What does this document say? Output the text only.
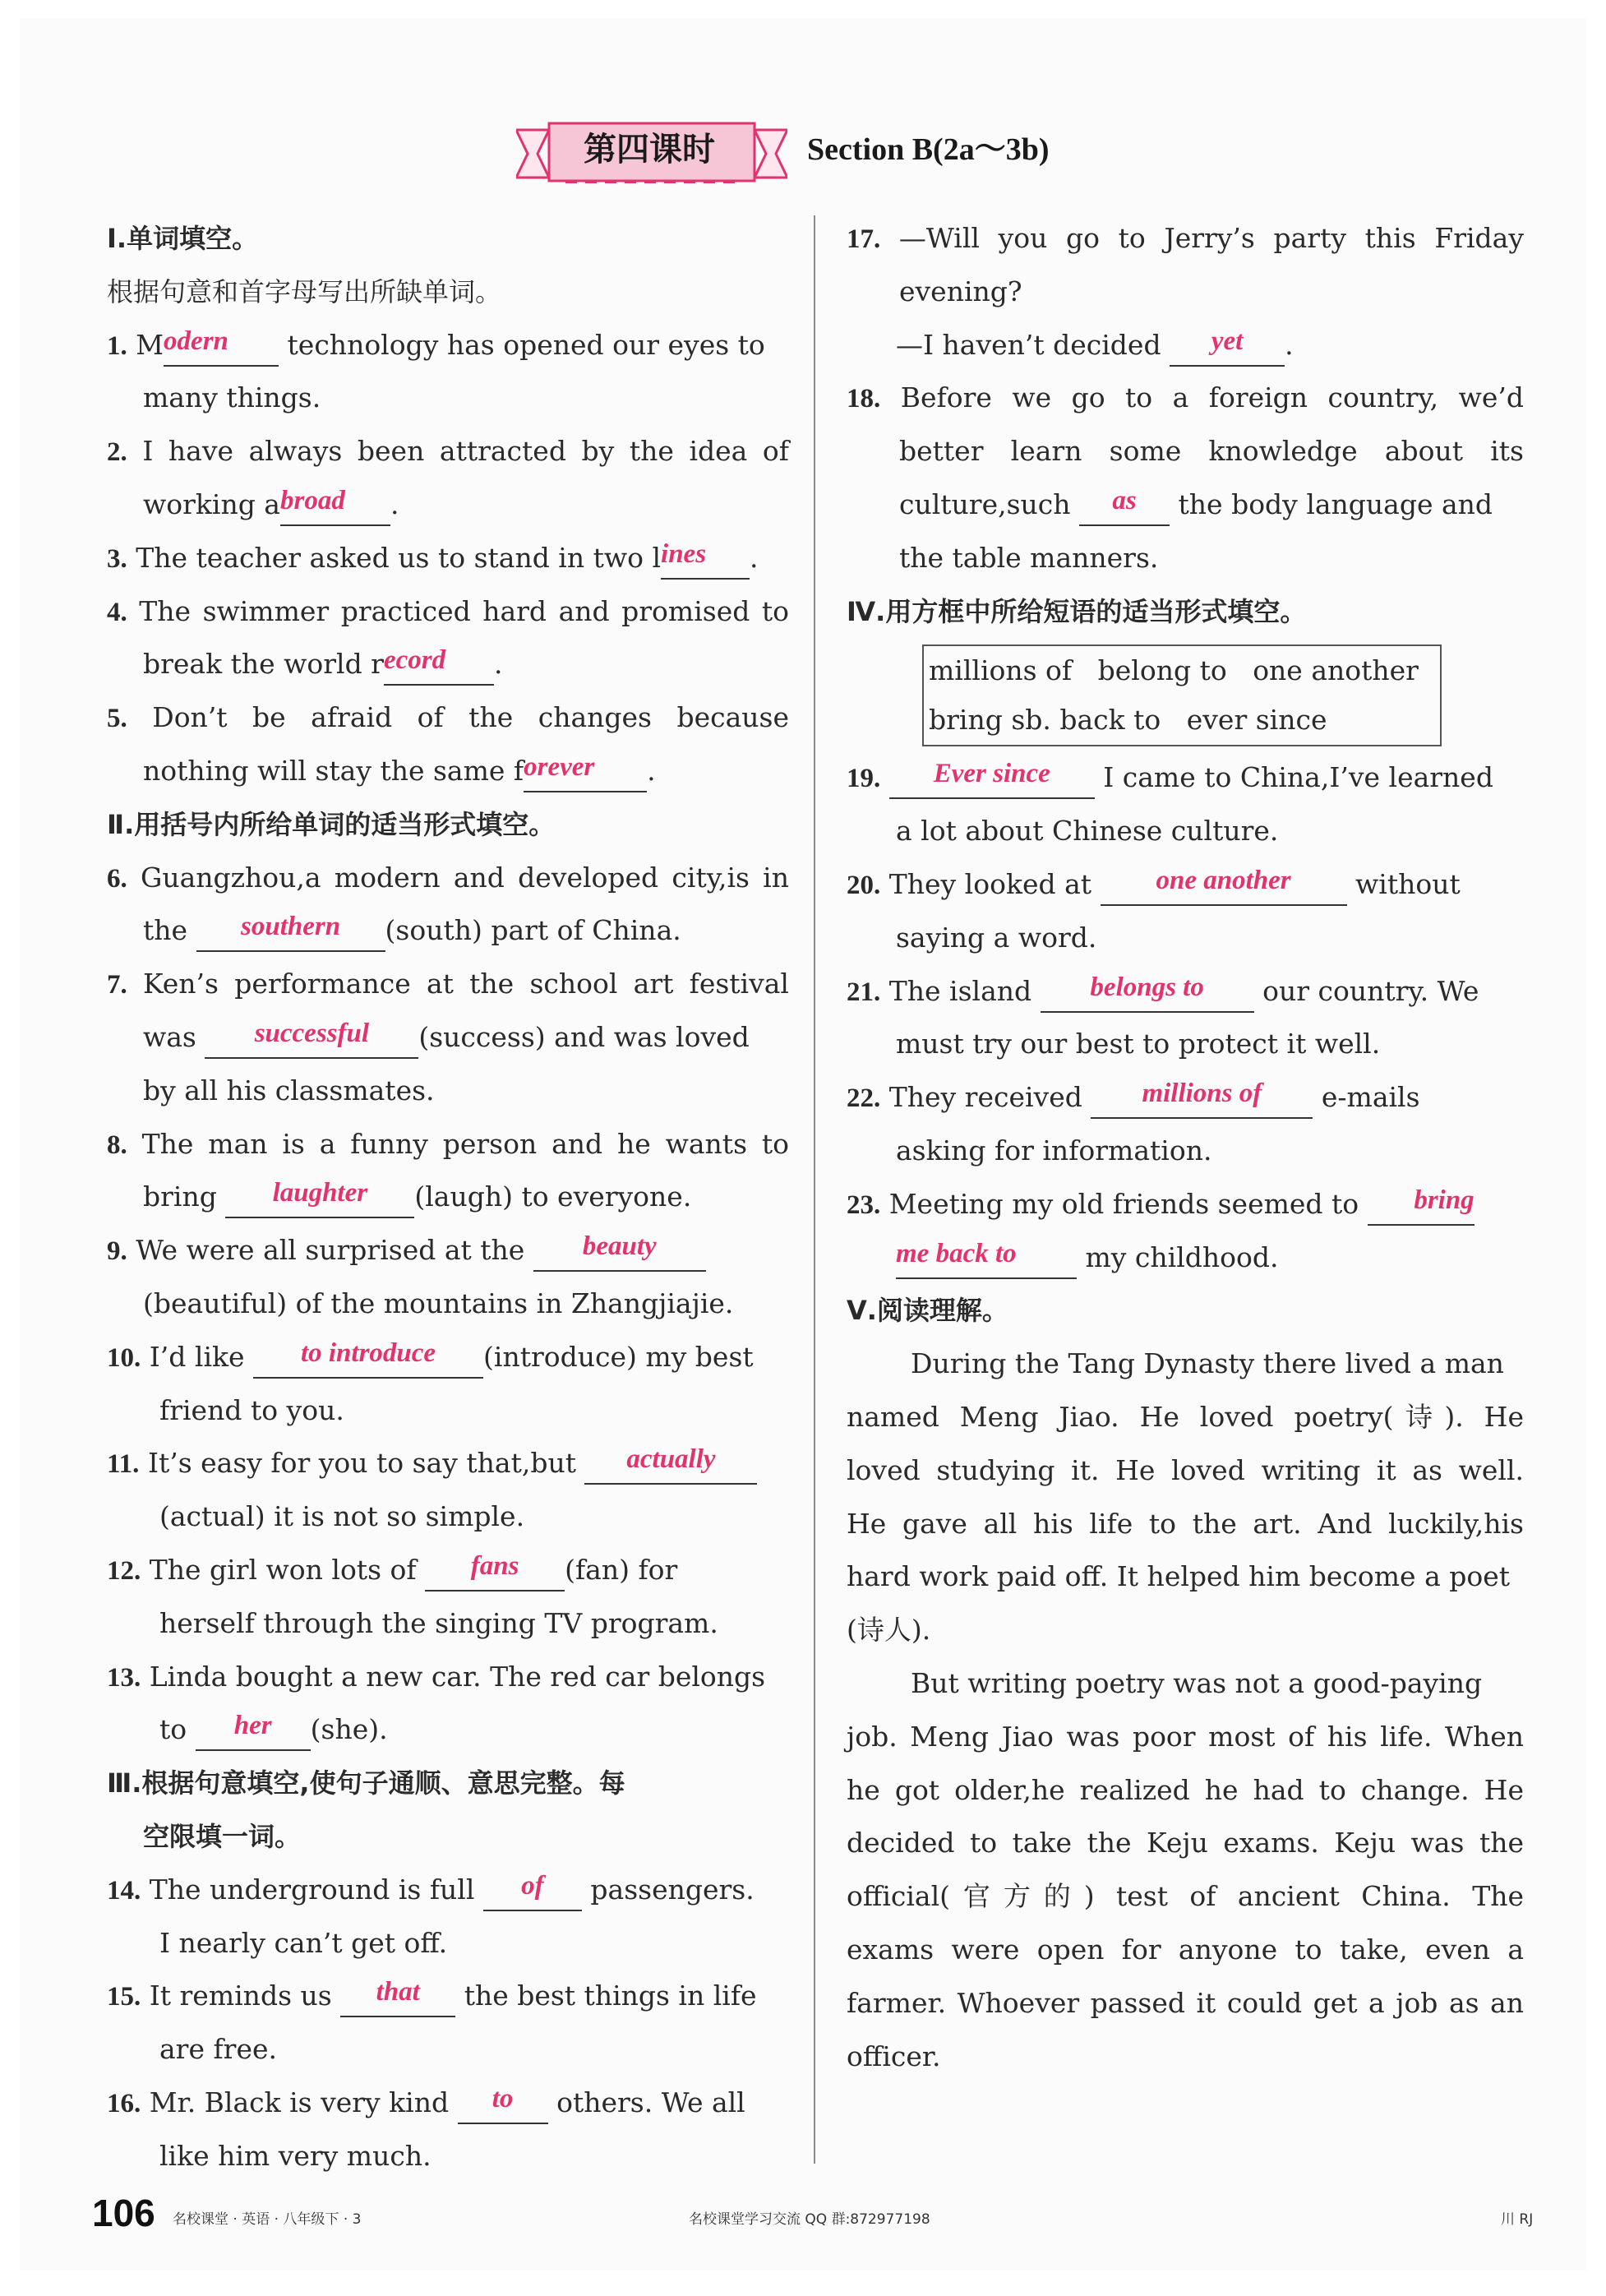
第四课时	Section B(2a～3b)
Ⅰ.单词填空。
根据句意和首字母写出所缺单词。
1. Modern technology has opened our eyes to
many things.
2. I have always been attracted by the idea of
working abroad .
3. The teacher asked us to stand in two lines .
4. The swimmer practiced hard and promised to
break the world record .
5. Don’t be afraid of the changes because
nothing will stay the same forever .
Ⅱ.用括号内所给单词的适当形式填空。
6. Guangzhou,a modern and developed city,is in
the southern (south) part of China.
7. Ken’s performance at the school art festival
was successful (success) and was loved
by all his classmates.
8. The man is a funny person and he wants to
bring laughter (laugh) to everyone.
9. We were all surprised at the beauty
(beautiful) of the mountains in Zhangjiajie.
10. I’d like to introduce (introduce) my best
friend to you.
11. It’s easy for you to say that,but actually
(actual) it is not so simple.
12. The girl won lots of fans (fan) for
herself through the singing TV program.
13. Linda bought a new car. The red car belongs
to her (she).
Ⅲ.根据句意填空,使句子通顺、意思完整。每
空限填一词。
14. The underground is full of passengers.
I nearly can’t get off.
15. It reminds us that the best things in life
are free.
16. Mr. Black is very kind to others. We all
like him very much.
17. —Will you go to Jerry’s party this Friday
evening?
—I haven’t decided yet .
18. Before we go to a foreign country, we’d
better learn some knowledge about its
culture,such as the body language and
the table manners.
Ⅳ.用方框中所给短语的适当形式填空。
millions of belong to one another
bring sb. back to ever since
19. Ever since I came to China,I’ve learned
a lot about Chinese culture.
20. They looked at one another without
saying a word.
21. The island belongs to our country. We
must try our best to protect it well.
22. They received millions of e-mails
asking for information.
23. Meeting my old friends seemed to bring
me back to	my childhood.
Ⅴ.阅读理解。
During the Tang Dynasty there lived a man
named Meng Jiao. He loved poetry(诗). He
loved studying it. He loved writing it as well.
He gave all his life to the art. And luckily,his
hard work paid off. It helped him become a poet
(诗人).
But writing poetry was not a good-paying
job. Meng Jiao was poor most of his life. When
he got older,he realized he had to change. He
decided to take the Keju exams. Keju was the
official(官方的) test of ancient China. The
exams were open for anyone to take, even a
farmer. Whoever passed it could get a job as an
officer.
106 名校课堂 · 英语 · 八年级下 · 3	名校课堂学习交流 QQ 群:872977198	川 RJ
